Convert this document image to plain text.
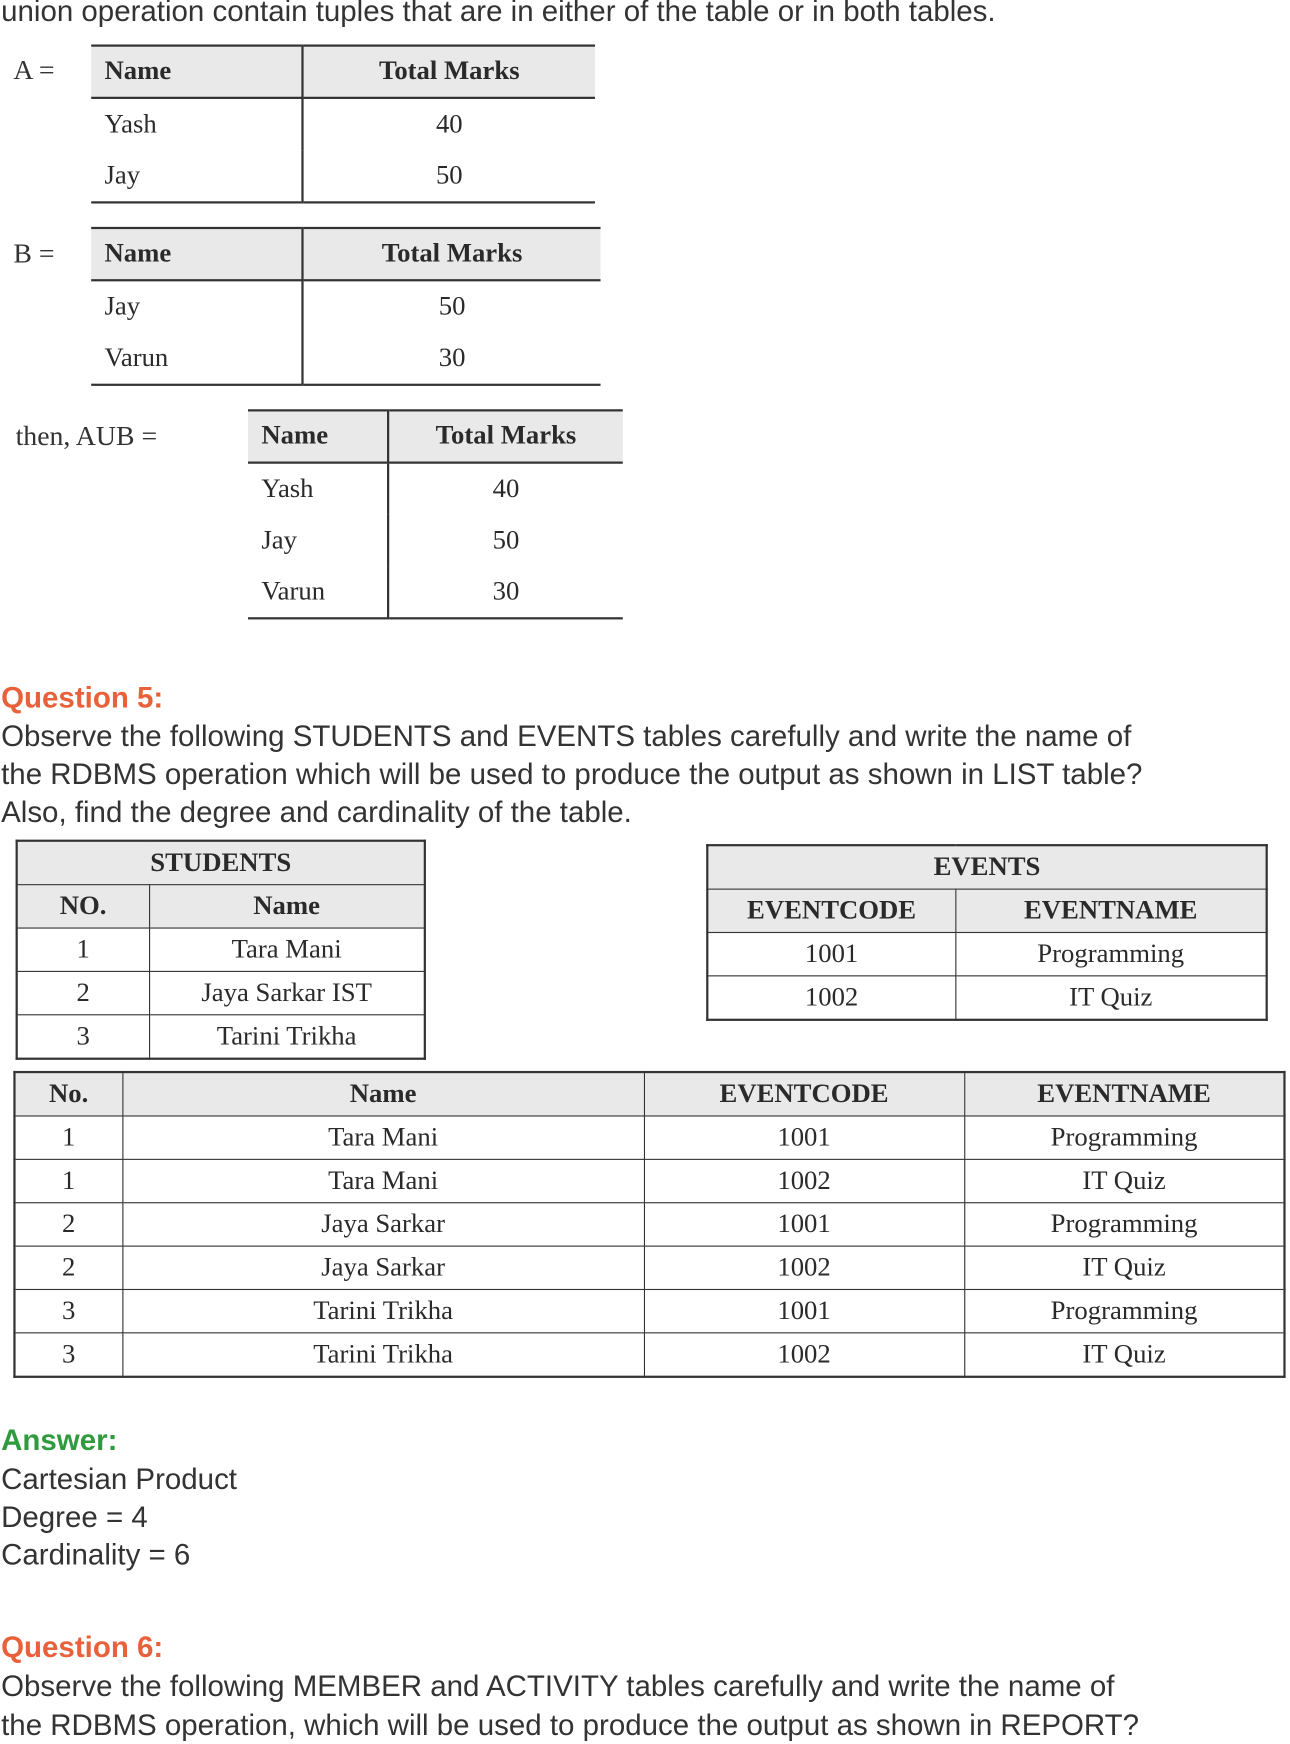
union operation contain tuples that are in either of the table or in both tables.
A = Name	Total Marks
Yash	40
Jay	50
B = Name	Total Marks
Jay	50
Varun	30
then, AUB =	Name	Total Marks
Yash	40
Jay	50
Varun	30
Question 5:
Observe the following STUDENTS and EVENTS tables carefully and write the name of
the RDBMS operation which will be used to produce the output as shown in LIST table?
Also, find the degree and cardinality of the table.
STUDENTS	
NO.	Name
1	Tara Mani
2	Jaya Sarkar IST
3	Tarini Trikha
EVENTS	
EVENTCODE	EVENTNAME
1001	Programming
1002	IT Quiz
No.	Name	EVENTCODE	EVENTNAME
1	Tara Mani	1001	Programming
1	Tara Mani	1002	IT Quiz
2	Jaya Sarkar	1001	Programming
2	Jaya Sarkar	1002	IT Quiz
3	Tarini Trikha	1001	Programming
3	Tarini Trikha	1002	IT Quiz
Answer:
Cartesian Product
Degree = 4
Cardinality = 6
Question 6:
Observe the following MEMBER and ACTIVITY tables carefully and write the name of
the RDBMS operation, which will be used to produce the output as shown in REPORT?
